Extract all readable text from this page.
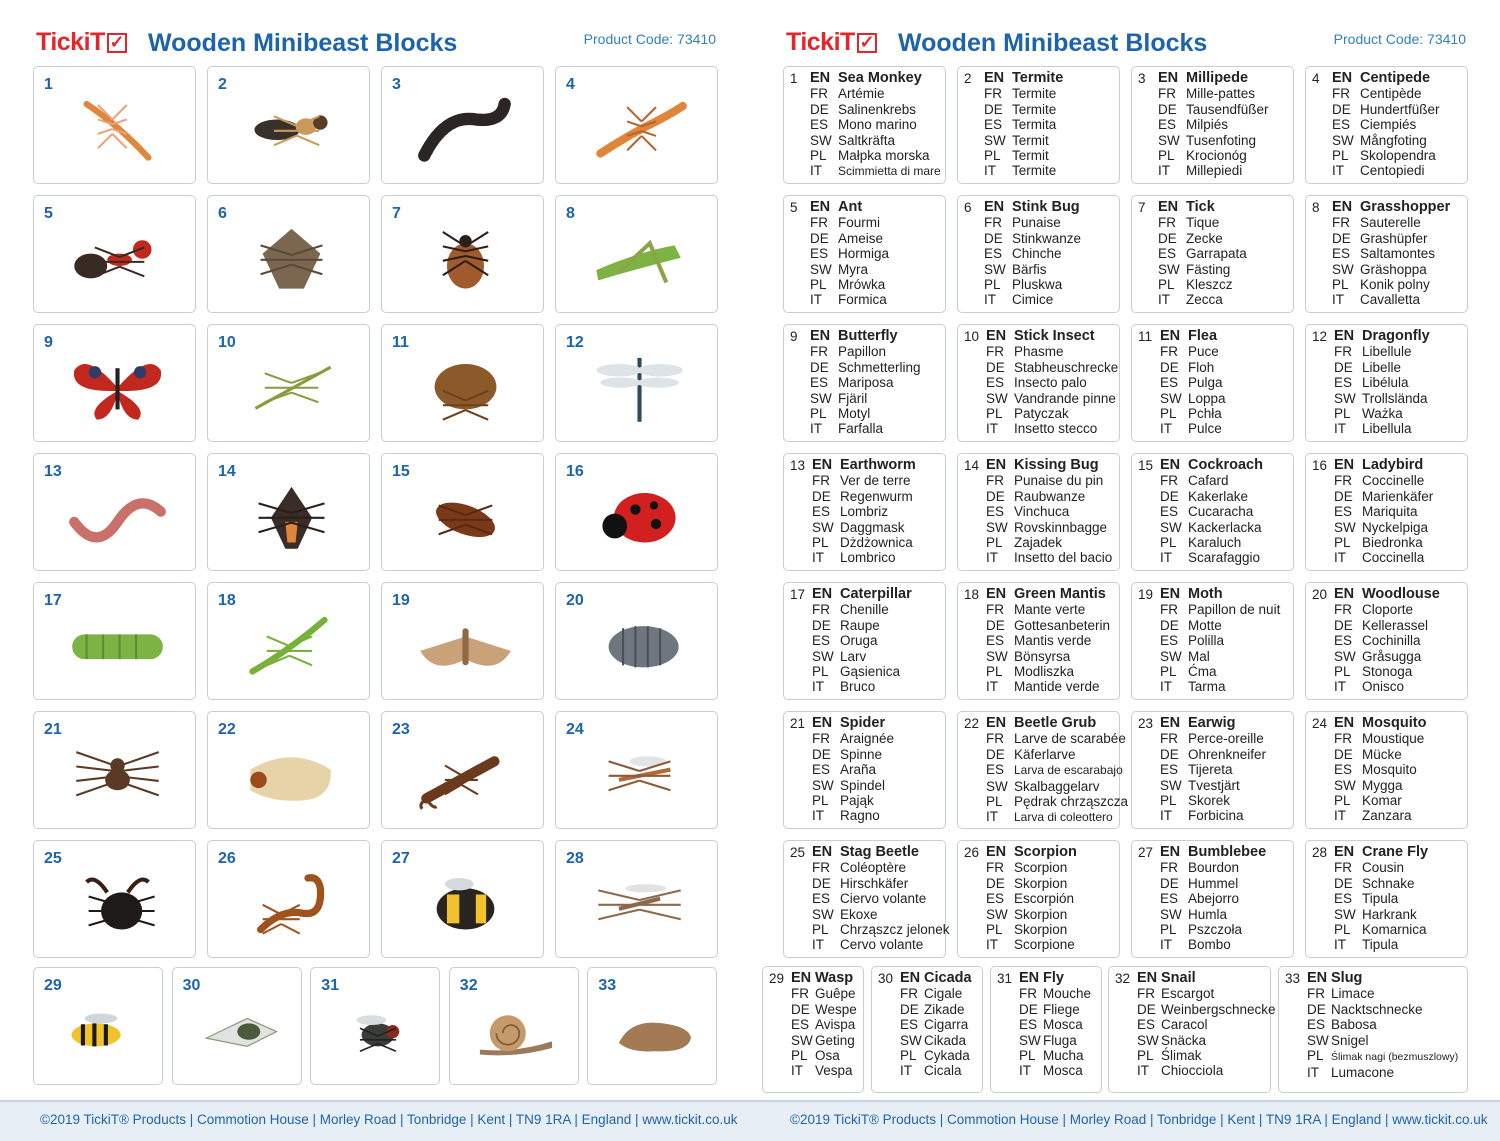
TickiT ✓ Wooden Minibeast Blocks	Product Code: 73410
1	2	3	4
5	6	7	8
9	10	11	12
13	14	15	16
17	18	19	20
21	22	23	24
25	26	27	28
29	30	31	32	33
TickiT ✓ Wooden Minibeast Blocks	Product Code: 73410
1 EN Sea Monkey
FR Artémie
DE Salinenkrebs
ES Mono marino
SW Saltkräfta
PL Małpka morska
IT Scimmietta di mare
2 EN Termite
FR Termite
DE Termite
ES Termita
SW Termit
PL Termit
IT Termite
3 EN Millipede
FR Mille-pattes
DE Tausendfüßer
ES Milpiés
SW Tusenfoting
PL Krocionóg
IT Millepiedi
4 EN Centipede
FR Centipède
DE Hundertfüßer
ES Ciempiés
SW Mångfoting
PL Skolopendra
IT Centopiedi
5 EN Ant
FR Fourmi
DE Ameise
ES Hormiga
SW Myra
PL Mrówka
IT Formica
6 EN Stink Bug
FR Punaise
DE Stinkwanze
ES Chinche
SW Bärfis
PL Pluskwa
IT Cimice
7 EN Tick
FR Tique
DE Zecke
ES Garrapata
SW Fästing
PL Kleszcz
IT Zecca
8 EN Grasshopper
FR Sauterelle
DE Grashüpfer
ES Saltamontes
SW Gräshoppa
PL Konik polny
IT Cavalletta
9 EN Butterfly
FR Papillon
DE Schmetterling
ES Mariposa
SW Fjäril
PL Motyl
IT Farfalla
10 EN Stick Insect
FR Phasme
DE Stabheuschrecke
ES Insecto palo
SW Vandrande pinne
PL Patyczak
IT Insetto stecco
11 EN Flea
FR Puce
DE Floh
ES Pulga
SW Loppa
PL Pchła
IT Pulce
12 EN Dragonfly
FR Libellule
DE Libelle
ES Libélula
SW Trollslända
PL Ważka
IT Libellula
13 EN Earthworm
FR Ver de terre
DE Regenwurm
ES Lombriz
SW Daggmask
PL Dżdżownica
IT Lombrico
14 EN Kissing Bug
FR Punaise du pin
DE Raubwanze
ES Vinchuca
SW Rovskinnbagge
PL Zajadek
IT Insetto del bacio
15 EN Cockroach
FR Cafard
DE Kakerlake
ES Cucaracha
SW Kackerlacka
PL Karaluch
IT Scarafaggio
16 EN Ladybird
FR Coccinelle
DE Marienkäfer
ES Mariquita
SW Nyckelpiga
PL Biedronka
IT Coccinella
17 EN Caterpillar
FR Chenille
DE Raupe
ES Oruga
SW Larv
PL Gąsienica
IT Bruco
18 EN Green Mantis
FR Mante verte
DE Gottesanbeterin
ES Mantis verde
SW Bönsyrsa
PL Modliszka
IT Mantide verde
19 EN Moth
FR Papillon de nuit
DE Motte
ES Polilla
SW Mal
PL Ćma
IT Tarma
20 EN Woodlouse
FR Cloporte
DE Kellerassel
ES Cochinilla
SW Gråsugga
PL Stonoga
IT Onisco
21 EN Spider
FR Araignée
DE Spinne
ES Araña
SW Spindel
PL Pająk
IT Ragno
22 EN Beetle Grub
FR Larve de scarabée
DE Käferlarve
ES Larva de escarabajo
SW Skalbaggelarv
PL Pędrak chrząszcza
IT Larva di coleottero
23 EN Earwig
FR Perce-oreille
DE Ohrenkneifer
ES Tijereta
SW Tvestjärt
PL Skorek
IT Forbicina
24 EN Mosquito
FR Moustique
DE Mücke
ES Mosquito
SW Mygga
PL Komar
IT Zanzara
25 EN Stag Beetle
FR Coléoptère
DE Hirschkäfer
ES Ciervo volante
SW Ekoxe
PL Chrząszcz jelonek
IT Cervo volante
26 EN Scorpion
FR Scorpion
DE Skorpion
ES Escorpión
SW Skorpion
PL Skorpion
IT Scorpione
27 EN Bumblebee
FR Bourdon
DE Hummel
ES Abejorro
SW Humla
PL Pszczoła
IT Bombo
28 EN Crane Fly
FR Cousin
DE Schnake
ES Tipula
SW Harkrank
PL Komarnica
IT Tipula
29 EN Wasp
FR Guêpe
DE Wespe
ES Avispa
SW Geting
PL Osa
IT Vespa
30 EN Cicada
FR Cigale
DE Zikade
ES Cigarra
SW Cikada
PL Cykada
IT Cicala
31 EN Fly
FR Mouche
DE Fliege
ES Mosca
SW Fluga
PL Mucha
IT Mosca
32 EN Snail
FR Escargot
DE Weinbergschnecke
ES Caracol
SW Snäcka
PL Ślimak
IT Chiocciola
33 EN Slug
FR Limace
DE Nacktschnecke
ES Babosa
SW Snigel
PL Ślimak nagi (bezmuszlowy)
IT Lumacone
©2019 TickiT® Products | Commotion House | Morley Road | Tonbridge | Kent | TN9 1RA | England | www.tickit.co.uk	©2019 TickiT® Products | Commotion House | Morley Road | Tonbridge | Kent | TN9 1RA | England | www.tickit.co.uk
